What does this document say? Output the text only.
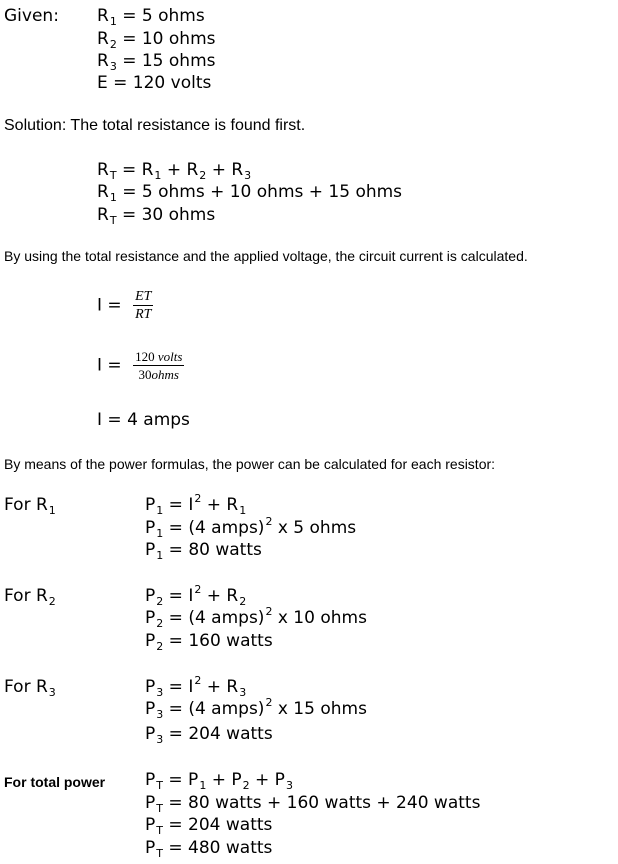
Given: $R_1 = 5$ ohms
$R_2 = 10$ ohms
$R_3 = 15$ ohms
E = 120 volts
Solution: The total resistance is found first.
$R_T = R_1 + R_2 + R_3$
$R_1 = 5$ ohms + 10 ohms + 15 ohms
$R_T = 30$ ohms
By using the total resistance and the applied voltage, the circuit current is calculated.
$I = \frac{ET}{RT}$
$I = \frac{\text{120 volts}}{\text{30ohms}}$
I = 4 amps
By means of the power formulas, the power can be calculated for each resistor:
For $R_1$	$P_1 = I^2 + R_1$
$P_1 = (4$ amps)$^2$ x 5 ohms
$P_1 = 80$ watts
For $R_2$	$P_2 = I^2 + R_2$
$P_2 = (4$ amps)$^2$ x 10 ohms
$P_2 = 160$ watts
For $R_3$	$P_3 = I^2 + R_3$
$P_3 = (4$ amps)$^2$ x 15 ohms
$P_3 = 204$ watts
For total power $P_T = P_1 + P_2 + P_3$
$P_T = 80$ watts + 160 watts + 240 watts
$P_T = 204$ watts
$P_T = 480$ watts
